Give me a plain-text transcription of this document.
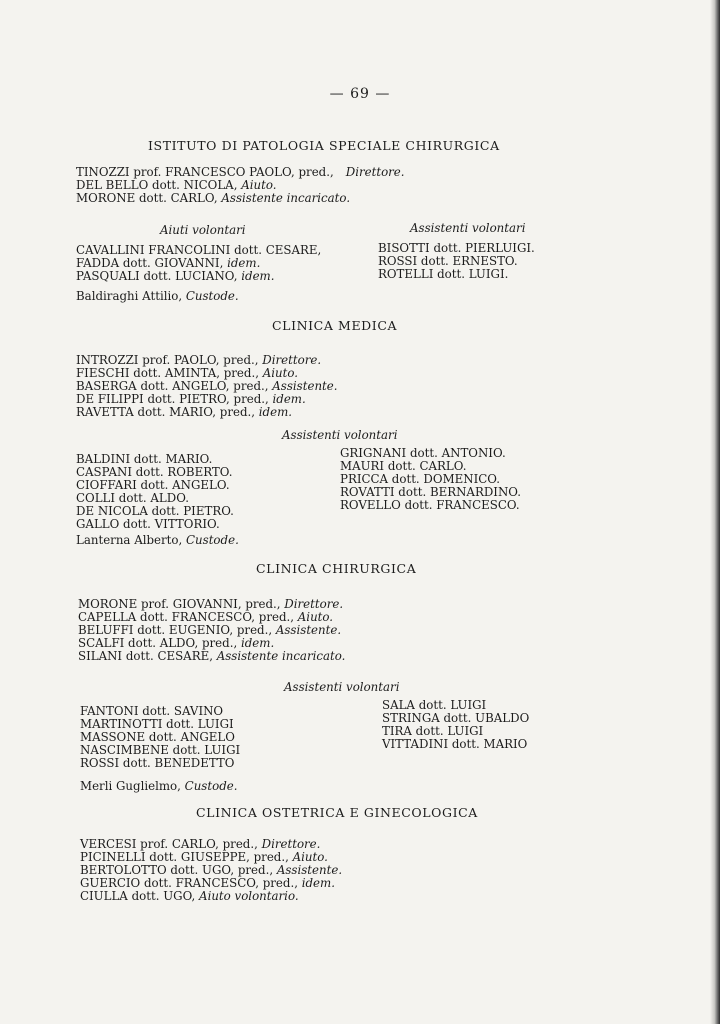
— 69 —
ISTITUTO DI PATOLOGIA SPECIALE CHIRURGICA
TINOZZI prof. FRANCESCO PAOLO, pred., Direttore.
DEL BELLO dott. NICOLA, Aiuto.
MORONE dott. CARLO, Assistente incaricato.
Aiuti volontari	Assistenti volontari
CAVALLINI FRANCOLINI dott. CESARE,
FADDA dott. GIOVANNI, idem.
PASQUALI dott. LUCIANO, idem.
BISOTTI dott. PIERLUIGI.
ROSSI dott. ERNESTO.
ROTELLI dott. LUIGI.
Baldiraghi Attilio, Custode.
CLINICA MEDICA
INTROZZI prof. PAOLO, pred., Direttore.
FIESCHI dott. AMINTA, pred., Aiuto.
BASERGA dott. ANGELO, pred., Assistente.
DE FILIPPI dott. PIETRO, pred., idem.
RAVETTA dott. MARIO, pred., idem.
Assistenti volontari
BALDINI dott. MARIO.
CASPANI dott. ROBERTO.
CIOFFARI dott. ANGELO.
COLLI dott. ALDO.
DE NICOLA dott. PIETRO.
GALLO dott. VITTORIO.
GRIGNANI dott. ANTONIO.
MAURI dott. CARLO.
PRICCA dott. DOMENICO.
ROVATTI dott. BERNARDINO.
ROVELLO dott. FRANCESCO.
Lanterna Alberto, Custode.
CLINICA CHIRURGICA
MORONE prof. GIOVANNI, pred., Direttore.
CAPELLA dott. FRANCESCO, pred., Aiuto.
BELUFFI dott. EUGENIO, pred., Assistente.
SCALFI dott. ALDO, pred., idem.
SILANI dott. CESARE, Assistente incaricato.
Assistenti volontari
FANTONI dott. SAVINO
MARTINOTTI dott. LUIGI
MASSONE dott. ANGELO
NASCIMBENE dott. LUIGI
ROSSI dott. BENEDETTO
SALA dott. LUIGI
STRINGA dott. UBALDO
TIRA dott. LUIGI
VITTADINI dott. MARIO
Merli Guglielmo, Custode.
CLINICA OSTETRICA E GINECOLOGICA
VERCESI prof. CARLO, pred., Direttore.
PICINELLI dott. GIUSEPPE, pred., Aiuto.
BERTOLOTTO dott. UGO, pred., Assistente.
GUERCIO dott. FRANCESCO, pred., idem.
CIULLA dott. UGO, Aiuto volontario.
